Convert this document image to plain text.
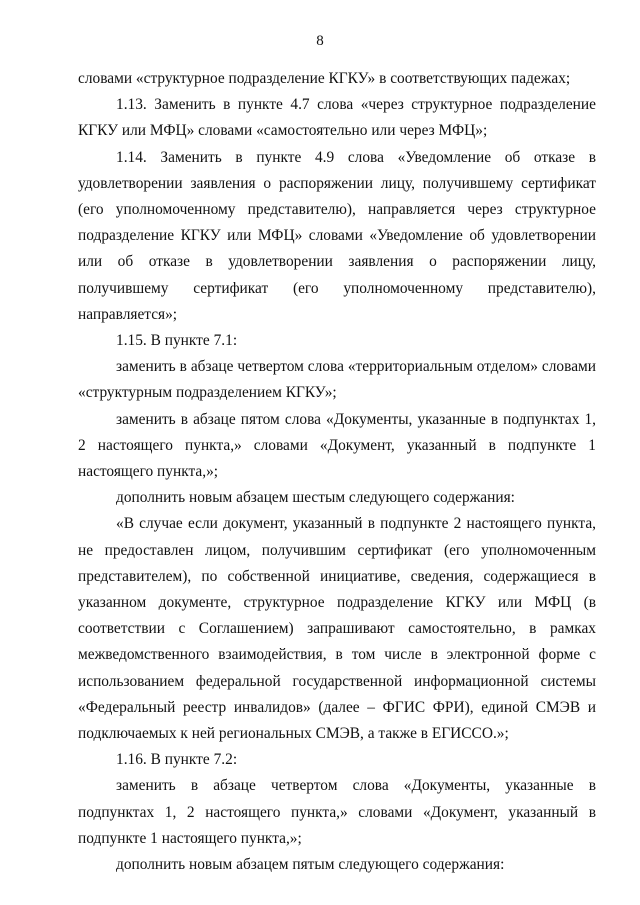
8

словами «структурное подразделение КГКУ» в соответствующих падежах;

1.13. Заменить в пункте 4.7 слова «через структурное подразделение КГКУ или МФЦ» словами «самостоятельно или через МФЦ»;

1.14. Заменить в пункте 4.9 слова «Уведомление об отказе в удовлетворении заявления о распоряжении лицу, получившему сертификат (его уполномоченному представителю), направляется через структурное подразделение КГКУ или МФЦ» словами «Уведомление об удовлетворении или об отказе в удовлетворении заявления о распоряжении лицу, получившему сертификат (его уполномоченному представителю), направляется»;

1.15. В пункте 7.1:

заменить в абзаце четвертом слова «территориальным отделом» словами «структурным подразделением КГКУ»;

заменить в абзаце пятом слова «Документы, указанные в подпунктах 1, 2 настоящего пункта,» словами «Документ, указанный в подпункте 1 настоящего пункта,»;

дополнить новым абзацем шестым следующего содержания:

«В случае если документ, указанный в подпункте 2 настоящего пункта, не предоставлен лицом, получившим сертификат (его уполномоченным представителем), по собственной инициативе, сведения, содержащиеся в указанном документе, структурное подразделение КГКУ или МФЦ (в соответствии с Соглашением) запрашивают самостоятельно, в рамках межведомственного взаимодействия, в том числе в электронной форме с использованием федеральной государственной информационной системы «Федеральный реестр инвалидов» (далее – ФГИС ФРИ), единой СМЭВ и подключаемых к ней региональных СМЭВ, а также в ЕГИССО.»;

1.16. В пункте 7.2:

заменить в абзаце четвертом слова «Документы, указанные в подпунктах 1, 2 настоящего пункта,» словами «Документ, указанный в подпункте 1 настоящего пункта,»;

дополнить новым абзацем пятым следующего содержания:
